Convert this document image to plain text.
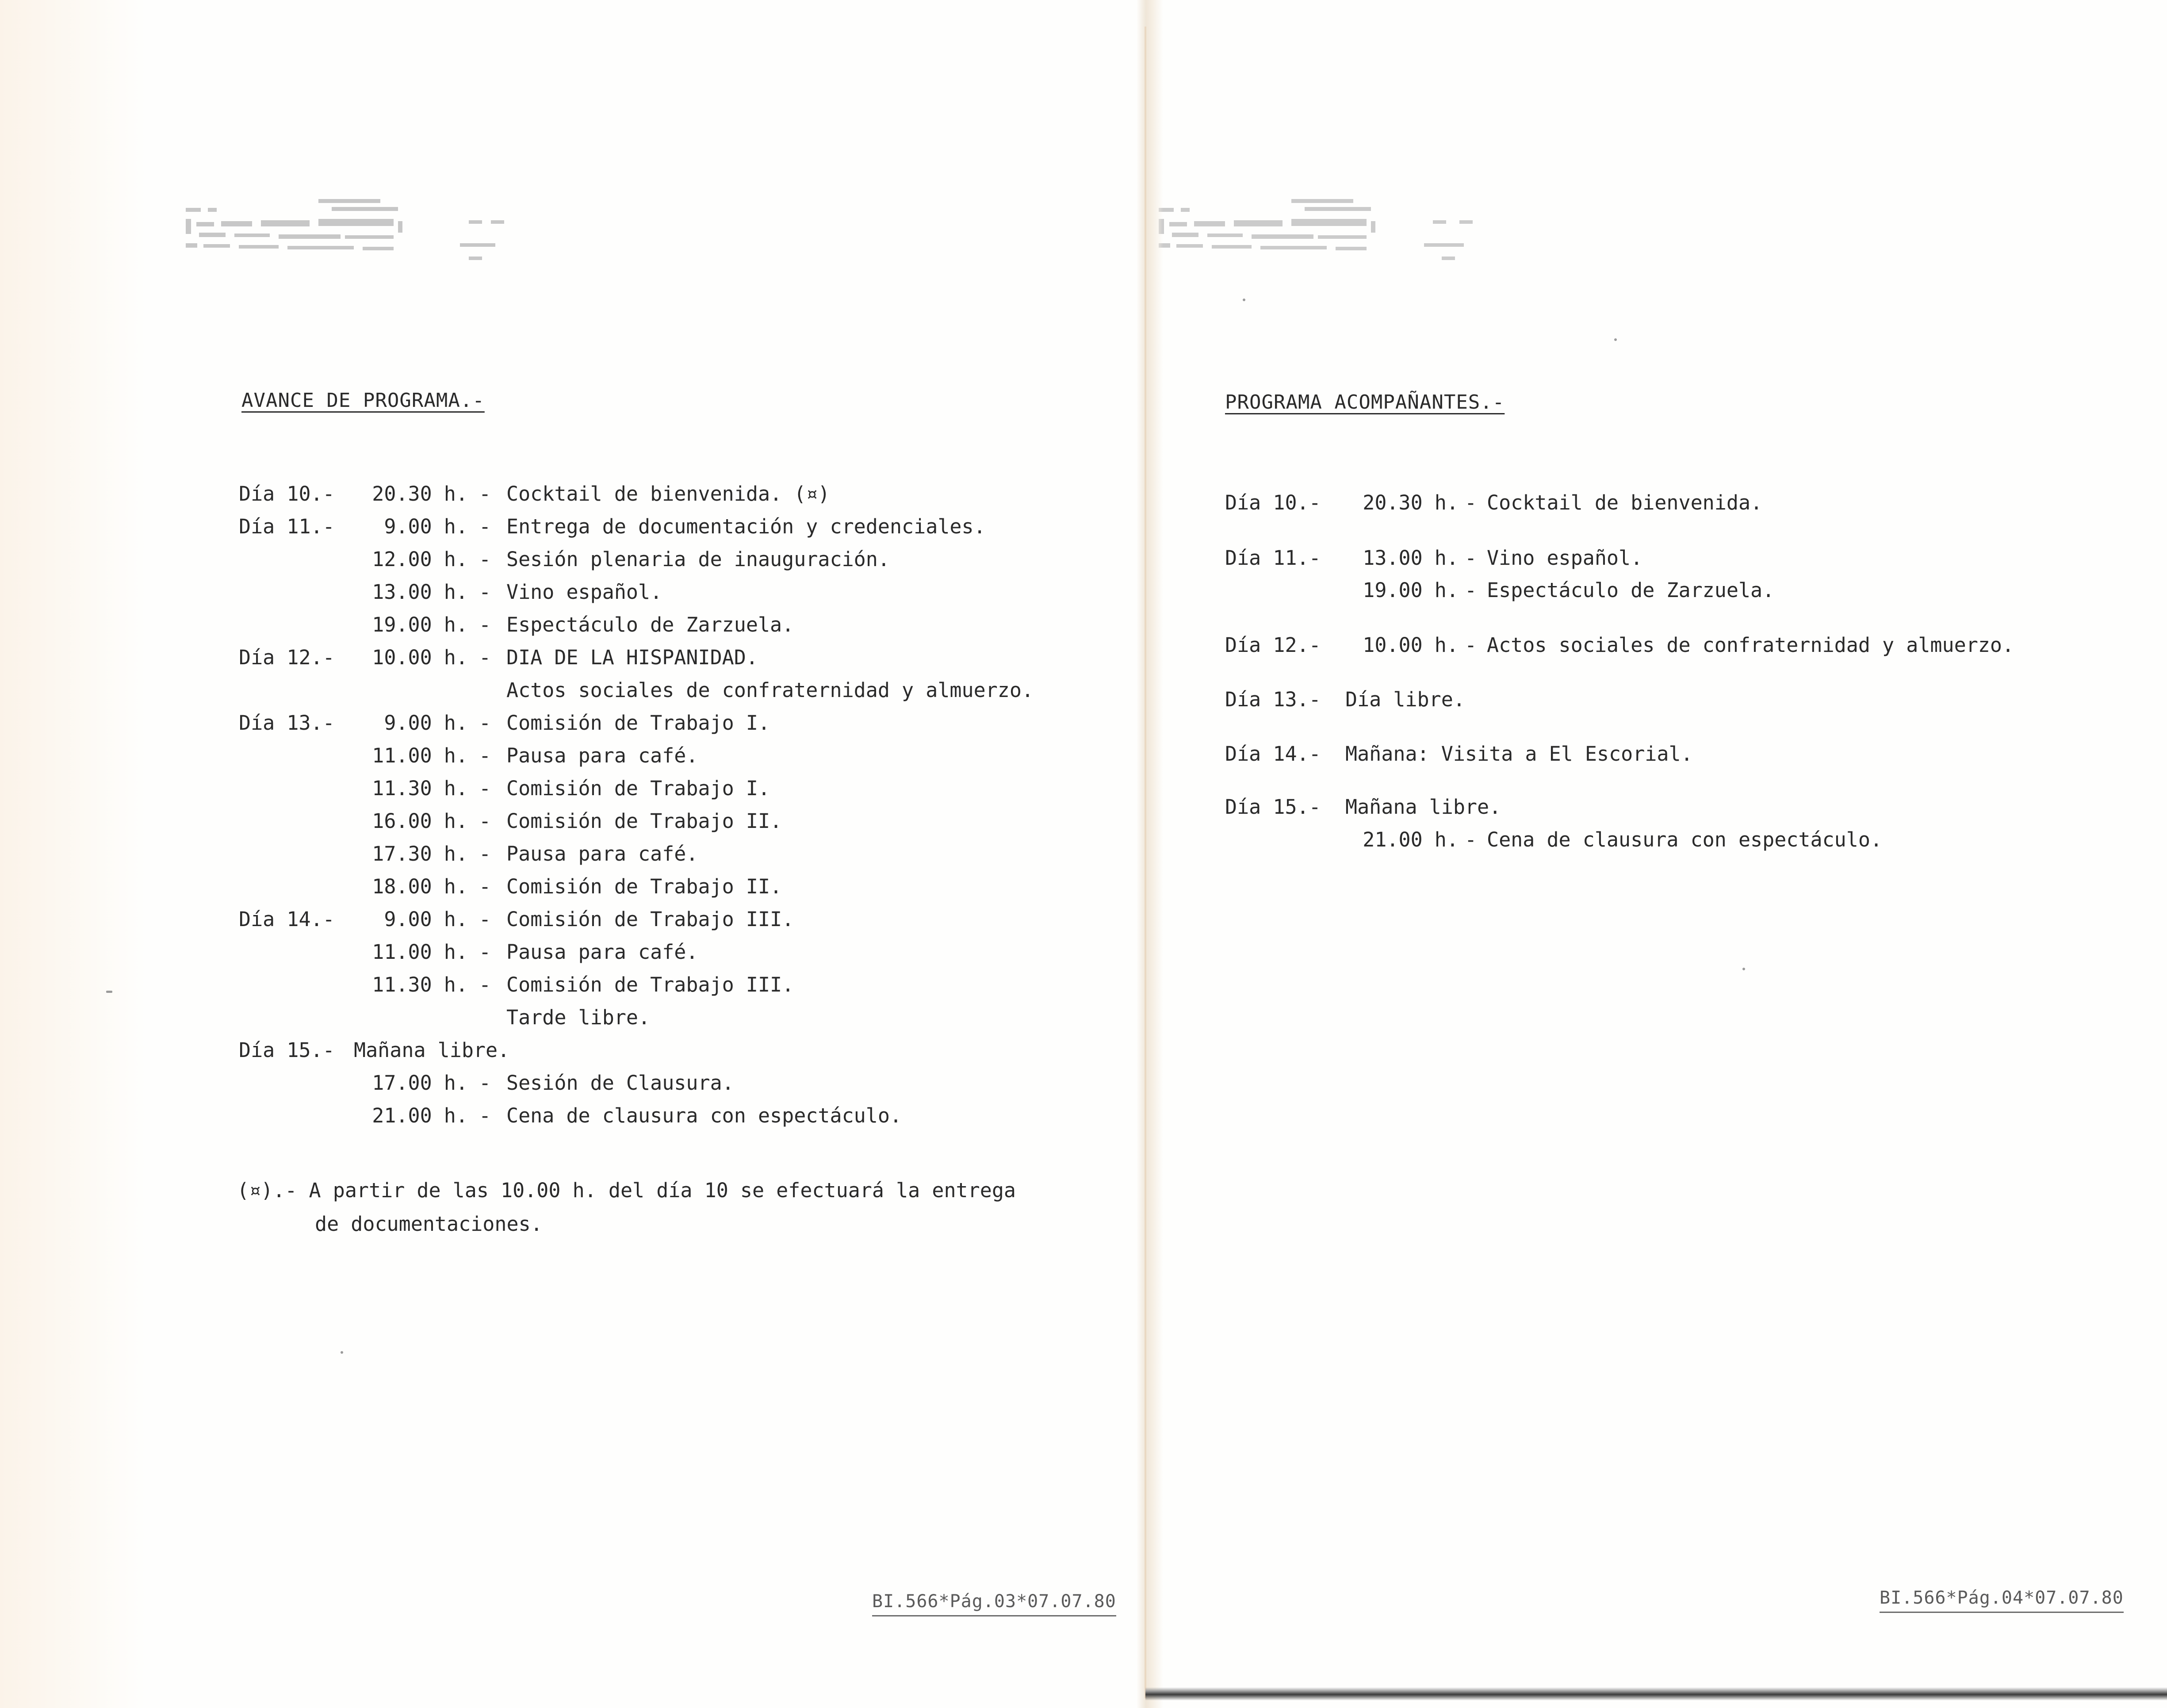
AVANCE DE PROGRAMA.-
Día 10.- 20.30 h. - Cocktail de bienvenida. (¤)
Día 11.- 9.00 h. - Entrega de documentación y credenciales.
12.00 h. - Sesión plenaria de inauguración.
13.00 h. - Vino español.
19.00 h. - Espectáculo de Zarzuela.
Día 12.- 10.00 h. - DIA DE LA HISPANIDAD.
Actos sociales de confraternidad y almuerzo.
Día 13.- 9.00 h. - Comisión de Trabajo I.
11.00 h. - Pausa para café.
11.30 h. - Comisión de Trabajo I.
16.00 h. - Comisión de Trabajo II.
17.30 h. - Pausa para café.
18.00 h. - Comisión de Trabajo II.
Día 14.- 9.00 h. - Comisión de Trabajo III.
11.00 h. - Pausa para café.
11.30 h. - Comisión de Trabajo III.
Tarde libre.
Día 15.- Mañana libre.
17.00 h. - Sesión de Clausura.
21.00 h. - Cena de clausura con espectáculo.
(¤).- A partir de las 10.00 h. del día 10 se efectuará la entrega
de documentaciones.
BI.566*Pág.03*07.07.80
PROGRAMA ACOMPAÑANTES.-
Día 10.- 20.30 h. - Cocktail de bienvenida.
Día 11.- 13.00 h. - Vino español.
19.00 h. - Espectáculo de Zarzuela.
Día 12.- 10.00 h. - Actos sociales de confraternidad y almuerzo.
Día 13.- Día libre.
Día 14.- Mañana: Visita a El Escorial.
Día 15.- Mañana libre.
21.00 h. - Cena de clausura con espectáculo.
BI.566*Pág.04*07.07.80
